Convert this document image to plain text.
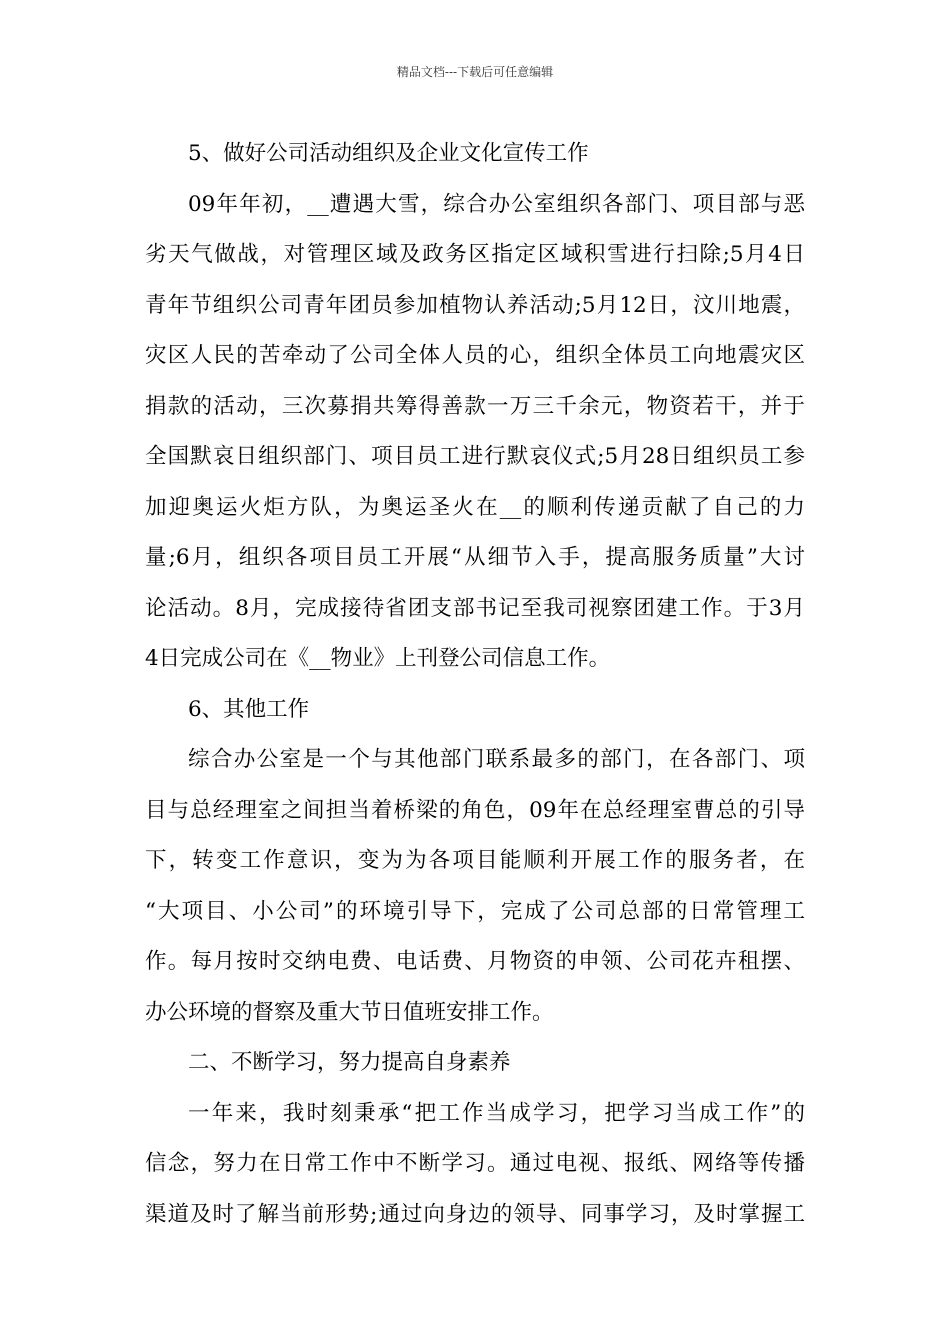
精品文档---下载后可任意编辑
5、做好公司活动组织及企业文化宣传工作
09年年初，__遭遇大雪，综合办公室组织各部门、项目部与恶
劣天气做战，对管理区域及政务区指定区域积雪进行扫除;5月4日
青年节组织公司青年团员参加植物认养活动;5月12日，汶川地震，
灾区人民的苦牵动了公司全体人员的心，组织全体员工向地震灾区
捐款的活动，三次募捐共筹得善款一万三千余元，物资若干，并于
全国默哀日组织部门、项目员工进行默哀仪式;5月28日组织员工参
加迎奥运火炬方队，为奥运圣火在__的顺利传递贡献了自己的力
量;6月，组织各项目员工开展“从细节入手，提高服务质量”大讨
论活动。8月，完成接待省团支部书记至我司视察团建工作。于3月
4日完成公司在《__物业》上刊登公司信息工作。
6、其他工作
综合办公室是一个与其他部门联系最多的部门，在各部门、项
目与总经理室之间担当着桥梁的角色，09年在总经理室曹总的引导
下，转变工作意识，变为为各项目能顺利开展工作的服务者，在
“大项目、小公司”的环境引导下，完成了公司总部的日常管理工
作。每月按时交纳电费、电话费、月物资的申领、公司花卉租摆、
办公环境的督察及重大节日值班安排工作。
二、不断学习，努力提高自身素养
一年来，我时刻秉承“把工作当成学习，把学习当成工作”的
信念，努力在日常工作中不断学习。通过电视、报纸、网络等传播
渠道及时了解当前形势;通过向身边的领导、同事学习，及时掌握工
